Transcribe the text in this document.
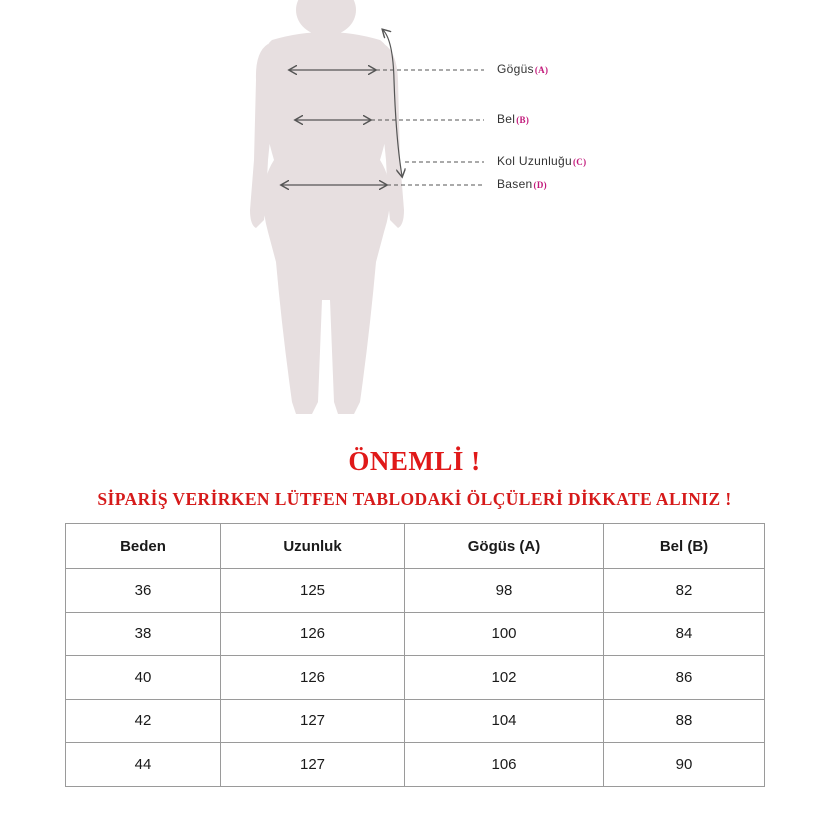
Gögüs(A)
Bel(B)
Kol Uzunluğu(C)
Basen(D)
ÖNEMLİ !
SİPARİŞ VERİRKEN LÜTFEN TABLODAKİ ÖLÇÜLERİ DİKKATE ALINIZ !
Beden	Uzunluk	Gögüs (A)	Bel (B)
36	125	98	82
38	126	100	84
40	126	102	86
42	127	104	88
44	127	106	90
